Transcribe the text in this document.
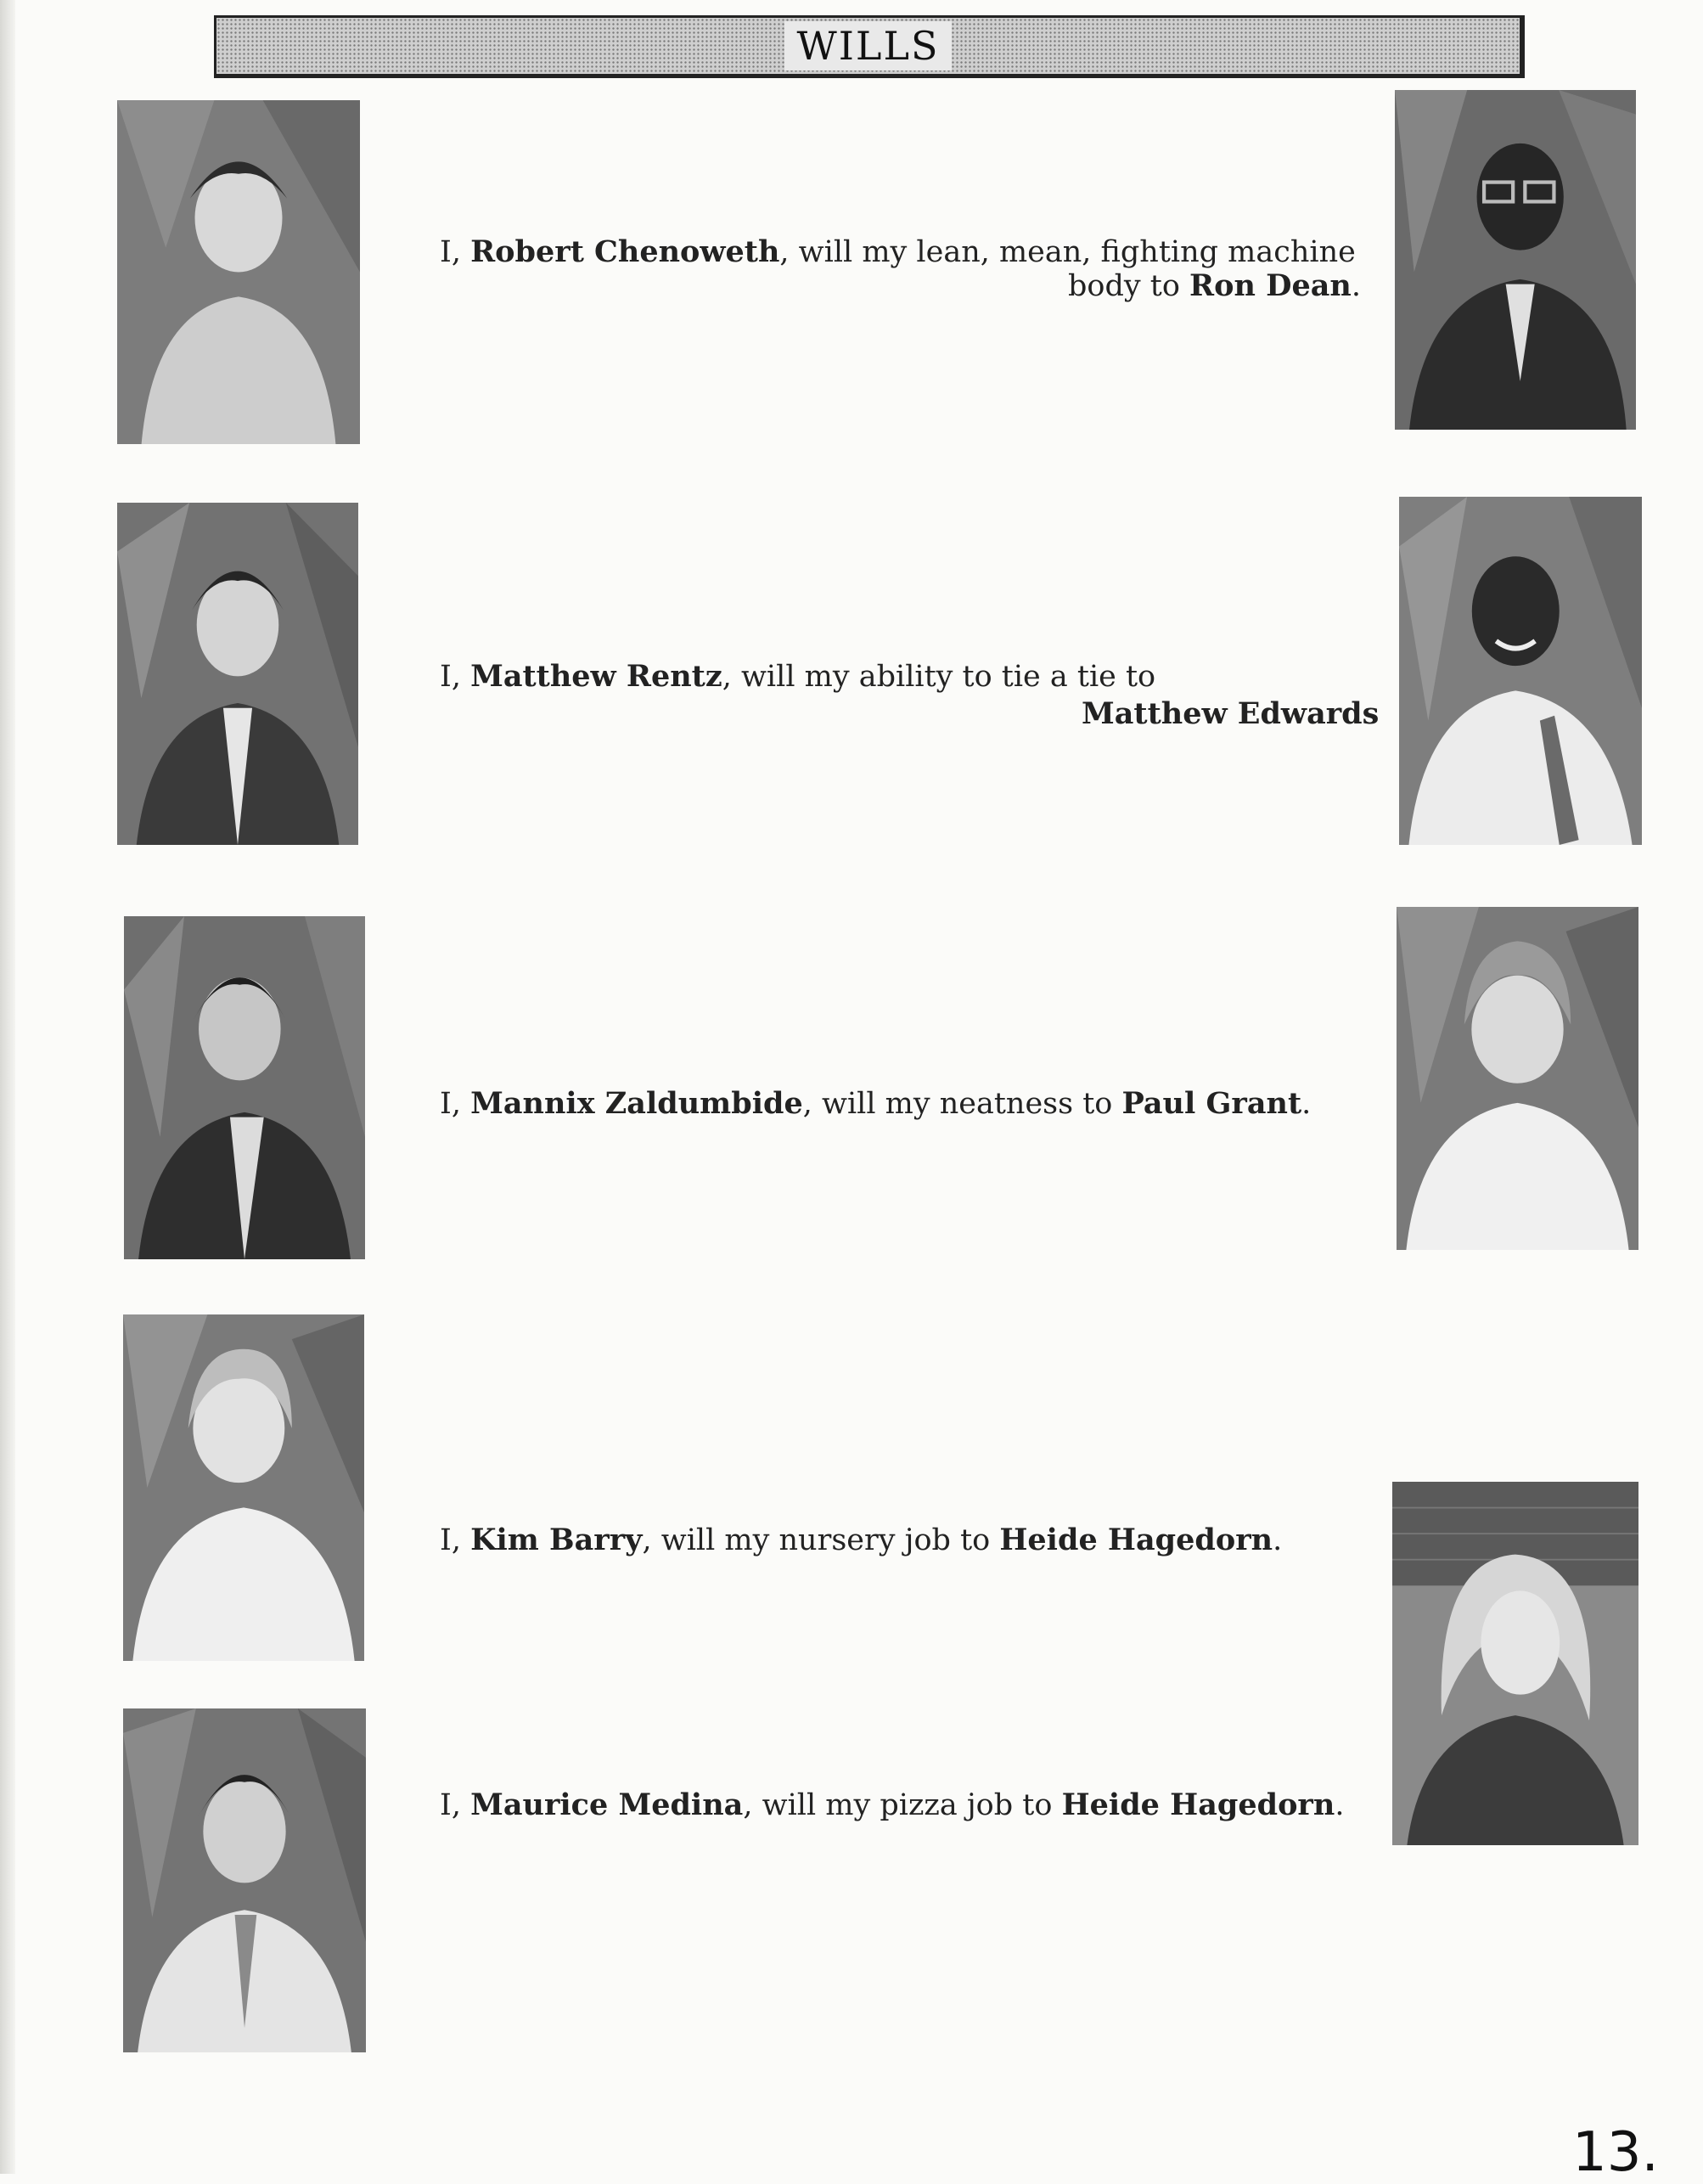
WILLS
I, Robert Chenoweth, will my lean, mean, fighting machine
body to Ron Dean.
I, Matthew Rentz, will my ability to tie a tie to
Matthew Edwards
I, Mannix Zaldumbide, will my neatness to Paul Grant.
I, Kim Barry, will my nursery job to Heide Hagedorn.
I, Maurice Medina, will my pizza job to Heide Hagedorn.
13.
